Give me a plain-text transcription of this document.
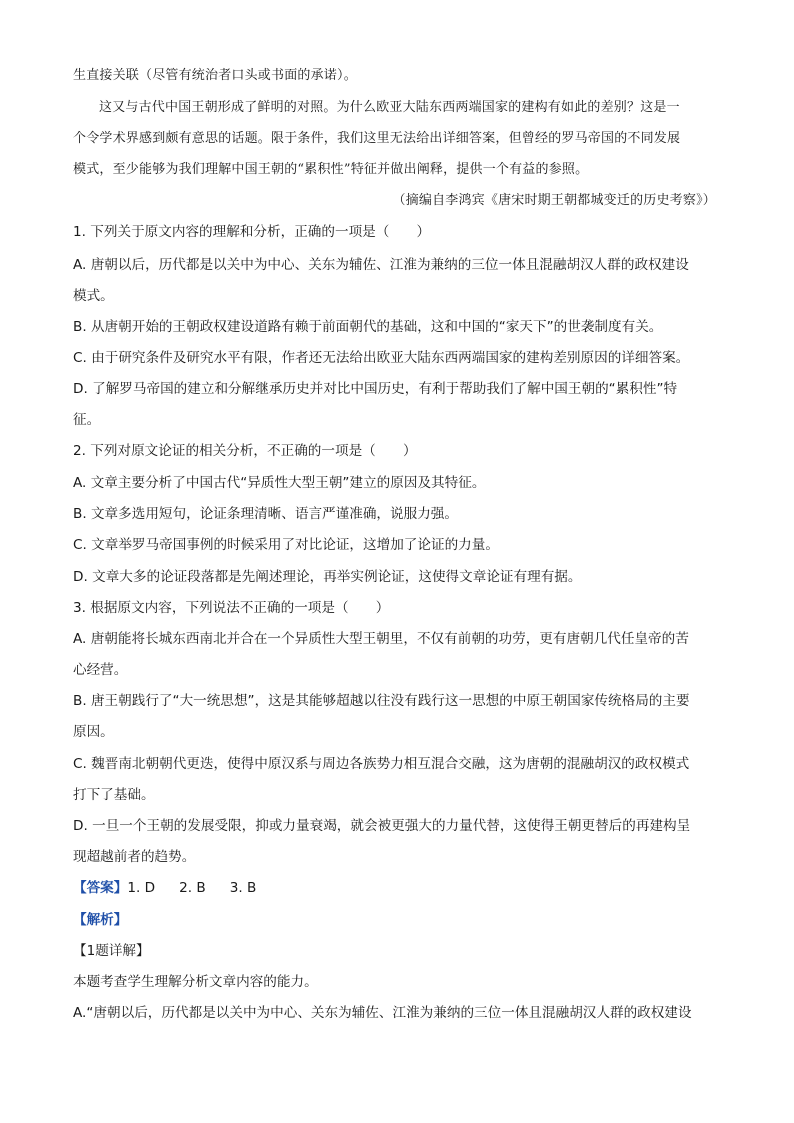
生直接关联（尽管有统治者口头或书面的承诺）。
这又与古代中国王朝形成了鲜明的对照。为什么欧亚大陆东西两端国家的建构有如此的差别？这是一
个令学术界感到颇有意思的话题。限于条件，我们这里无法给出详细答案，但曾经的罗马帝国的不同发展
模式，至少能够为我们理解中国王朝的“累积性”特征并做出阐释，提供一个有益的参照。
（摘编自李鸿宾《唐宋时期王朝都城变迁的历史考察》）
1. 下列关于原文内容的理解和分析，正确的一项是（　　）
A. 唐朝以后，历代都是以关中为中心、关东为辅佐、江淮为兼纳的三位一体且混融胡汉人群的政权建设
模式。
B. 从唐朝开始的王朝政权建设道路有赖于前面朝代的基础，这和中国的“家天下”的世袭制度有关。
C. 由于研究条件及研究水平有限，作者还无法给出欧亚大陆东西两端国家的建构差别原因的详细答案。
D. 了解罗马帝国的建立和分解继承历史并对比中国历史，有利于帮助我们了解中国王朝的“累积性”特
征。
2. 下列对原文论证的相关分析，不正确的一项是（　　）
A. 文章主要分析了中国古代“异质性大型王朝”建立的原因及其特征。
B. 文章多选用短句，论证条理清晰、语言严谨准确，说服力强。
C. 文章举罗马帝国事例的时候采用了对比论证，这增加了论证的力量。
D. 文章大多的论证段落都是先阐述理论，再举实例论证，这使得文章论证有理有据。
3. 根据原文内容，下列说法不正确的一项是（　　）
A. 唐朝能将长城东西南北并合在一个异质性大型王朝里，不仅有前朝的功劳，更有唐朝几代任皇帝的苦
心经营。
B. 唐王朝践行了“大一统思想”，这是其能够超越以往没有践行这一思想的中原王朝国家传统格局的主要
原因。
C. 魏晋南北朝朝代更迭，使得中原汉系与周边各族势力相互混合交融，这为唐朝的混融胡汉的政权模式
打下了基础。
D. 一旦一个王朝的发展受限，抑或力量衰竭，就会被更强大的力量代替，这使得王朝更替后的再建构呈
现超越前者的趋势。
【答案】1. D 2. B 3. B
【解析】
【1题详解】
本题考查学生理解分析文章内容的能力。
A.“唐朝以后，历代都是以关中为中心、关东为辅佐、江淮为兼纳的三位一体且混融胡汉人群的政权建设
